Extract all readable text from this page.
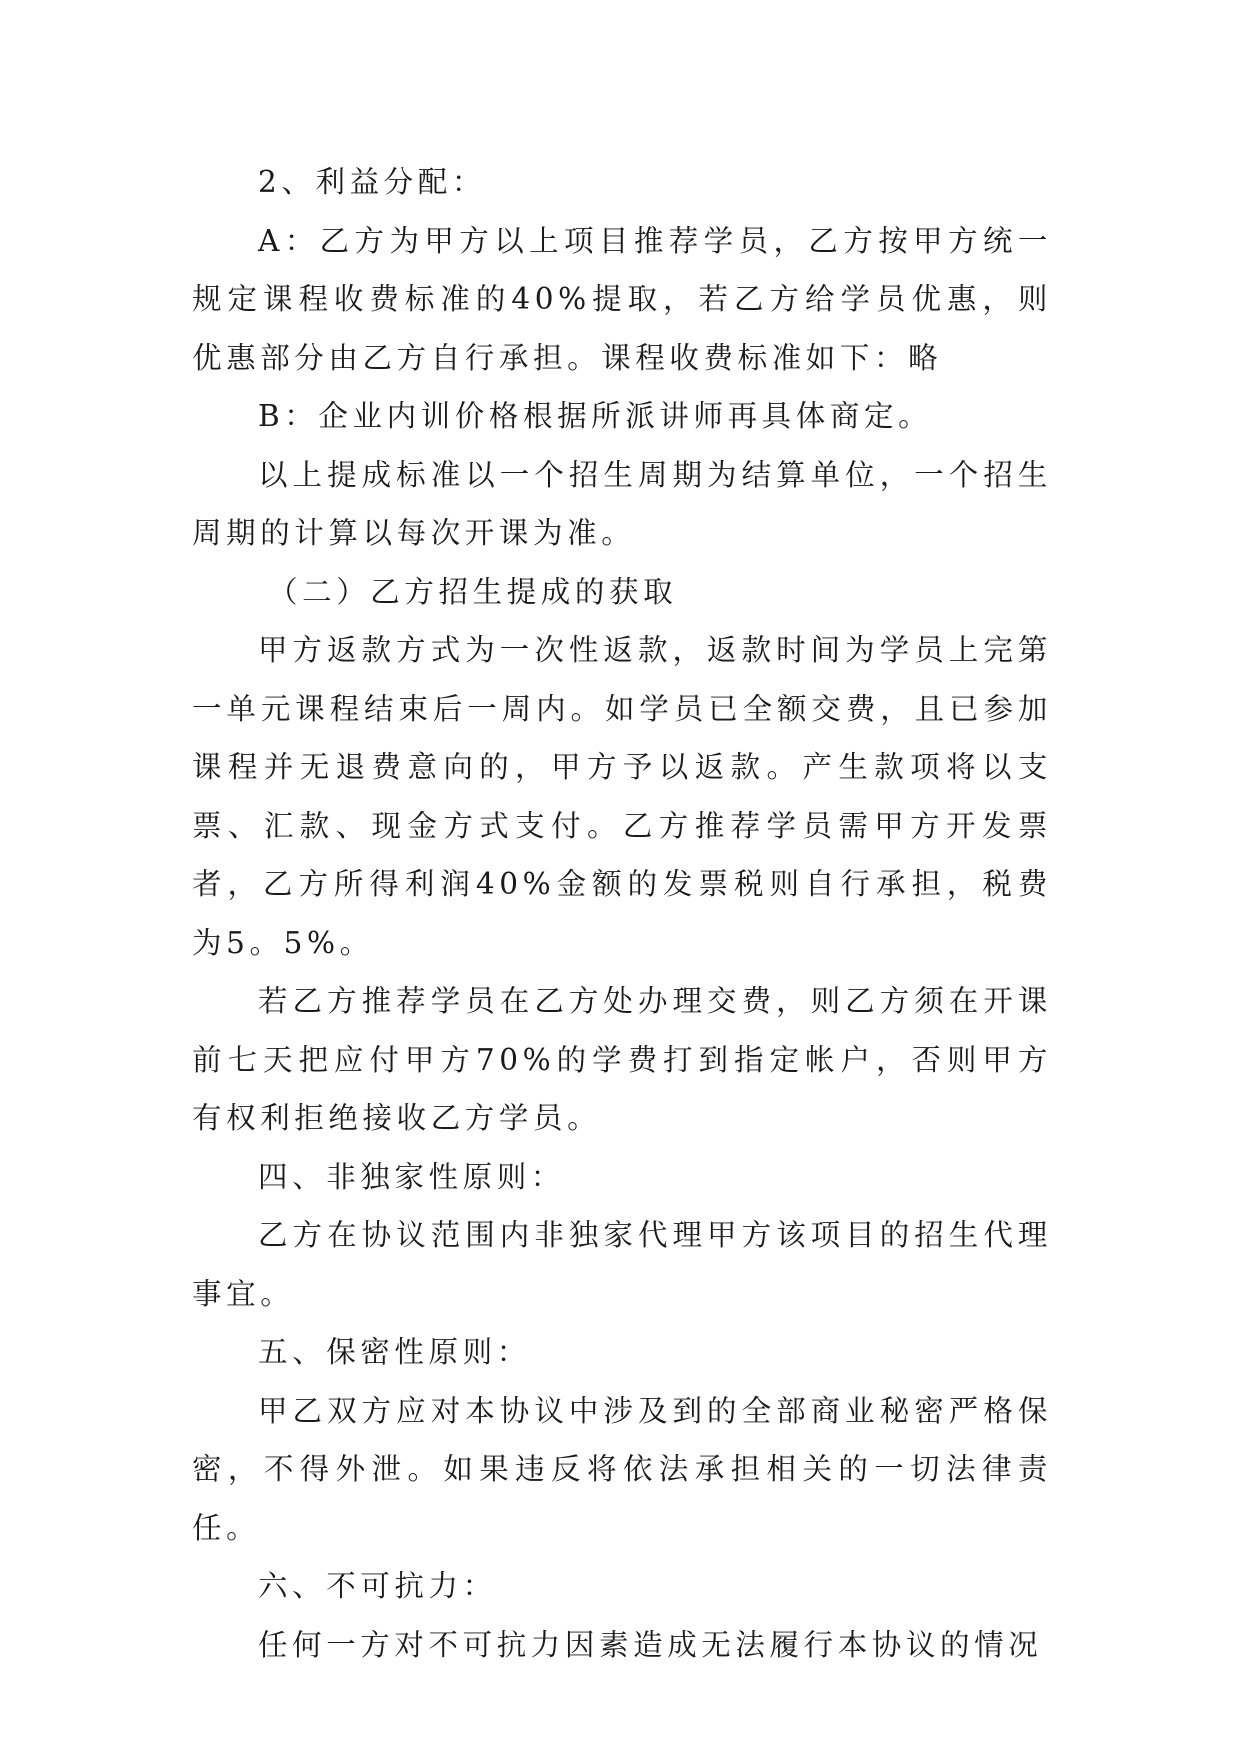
2、利益分配：

A：乙方为甲方以上项目推荐学员，乙方按甲方统一规定课程收费标准的40%提取，若乙方给学员优惠，则优惠部分由乙方自行承担。课程收费标准如下：略

B：企业内训价格根据所派讲师再具体商定。

以上提成标准以一个招生周期为结算单位，一个招生周期的计算以每次开课为准。

（二）乙方招生提成的获取

甲方返款方式为一次性返款，返款时间为学员上完第一单元课程结束后一周内。如学员已全额交费，且已参加课程并无退费意向的，甲方予以返款。产生款项将以支票、汇款、现金方式支付。乙方推荐学员需甲方开发票者，乙方所得利润40%金额的发票税则自行承担，税费为5。5%。

若乙方推荐学员在乙方处办理交费，则乙方须在开课前七天把应付甲方70%的学费打到指定帐户，否则甲方有权利拒绝接收乙方学员。

四、非独家性原则：

乙方在协议范围内非独家代理甲方该项目的招生代理事宜。

五、保密性原则：

甲乙双方应对本协议中涉及到的全部商业秘密严格保密，不得外泄。如果违反将依法承担相关的一切法律责任。

六、不可抗力：

任何一方对不可抗力因素造成无法履行本协议的情况
